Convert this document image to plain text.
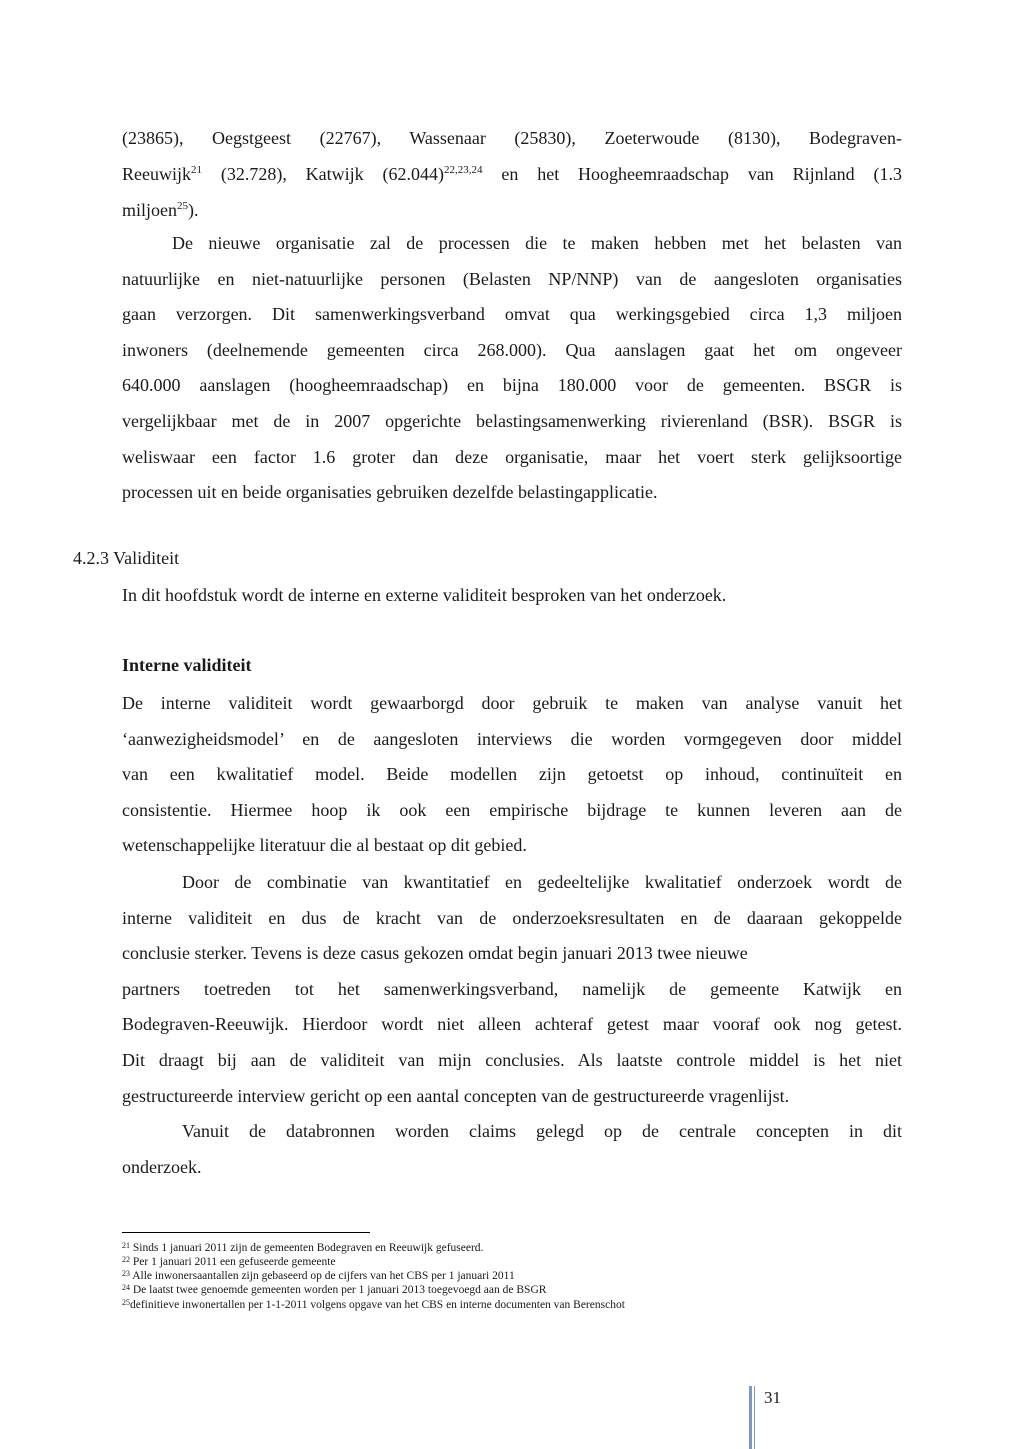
(23865), Oegstgeest (22767), Wassenaar (25830), Zoeterwoude (8130), Bodegraven-
Reeuwijk$^{21}$ (32.728), Katwijk $(62.044)^{22,23,24}$ en het Hoogheemraadschap van Rijnland (1.3
miljoen$^{25}$).
De nieuwe organisatie zal de processen die te maken hebben met het belasten van
natuurlijke en niet-natuurlijke personen (Belasten NP/NNP) van de aangesloten organisaties
gaan verzorgen. Dit samenwerkingsverband omvat qua werkingsgebied circa 1,3 miljoen
inwoners (deelnemende gemeenten circa 268.000). Qua aanslagen gaat het om ongeveer
640.000 aanslagen (hoogheemraadschap) en bijna 180.000 voor de gemeenten. BSGR is
vergelijkbaar met de in 2007 opgerichte belastingsamenwerking rivierenland (BSR). BSGR is
weliswaar een factor 1.6 groter dan deze organisatie, maar het voert sterk gelijksoortige
processen uit en beide organisaties gebruiken dezelfde belastingapplicatie.
4.2.3 Validiteit
In dit hoofdstuk wordt de interne en externe validiteit besproken van het onderzoek.
Interne validiteit
De interne validiteit wordt gewaarborgd door gebruik te maken van analyse vanuit het
‘aanwezigheidsmodel’ en de aangesloten interviews die worden vormgegeven door middel
van een kwalitatief model. Beide modellen zijn getoetst op inhoud, continuïteit en
consistentie. Hiermee hoop ik ook een empirische bijdrage te kunnen leveren aan de
wetenschappelijke literatuur die al bestaat op dit gebied.
Door de combinatie van kwantitatief en gedeeltelijke kwalitatief onderzoek wordt de
interne validiteit en dus de kracht van de onderzoeksresultaten en de daaraan gekoppelde
conclusie sterker. Tevens is deze casus gekozen omdat begin januari 2013 twee nieuwe
partners toetreden tot het samenwerkingsverband, namelijk de gemeente Katwijk en
Bodegraven-Reeuwijk. Hierdoor wordt niet alleen achteraf getest maar vooraf ook nog getest.
Dit draagt bij aan de validiteit van mijn conclusies. Als laatste controle middel is het niet
gestructureerde interview gericht op een aantal concepten van de gestructureerde vragenlijst.
Vanuit de databronnen worden claims gelegd op de centrale concepten in dit
onderzoek.
$^{21}$ Sinds 1 januari 2011 zijn de gemeenten Bodegraven en Reeuwijk gefuseerd.
$^{22}$ Per 1 januari 2011 een gefuseerde gemeente
$^{23}$ Alle inwonersaantallen zijn gebaseerd op de cijfers van het CBS per 1 januari 2011
$^{24}$ De laatst twee genoemde gemeenten worden per 1 januari 2013 toegevoegd aan de BSGR
$^{25}$definitieve inwonertallen per 1-1-2011 volgens opgave van het CBS en interne documenten van Berenschot
31
